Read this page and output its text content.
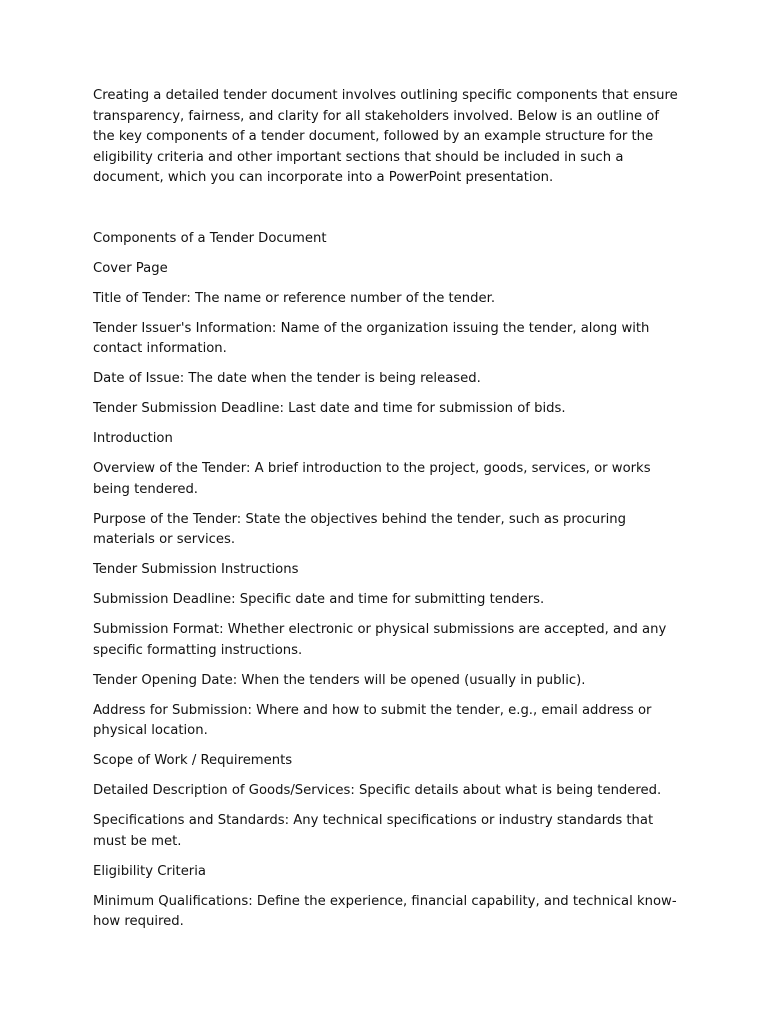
Creating a detailed tender document involves outlining specific components that ensure transparency, fairness, and clarity for all stakeholders involved. Below is an outline of the key components of a tender document, followed by an example structure for the eligibility criteria and other important sections that should be included in such a document, which you can incorporate into a PowerPoint presentation.

Components of a Tender Document

Cover Page

Title of Tender: The name or reference number of the tender.

Tender Issuer's Information: Name of the organization issuing the tender, along with contact information.

Date of Issue: The date when the tender is being released.

Tender Submission Deadline: Last date and time for submission of bids.

Introduction

Overview of the Tender: A brief introduction to the project, goods, services, or works being tendered.

Purpose of the Tender: State the objectives behind the tender, such as procuring materials or services.

Tender Submission Instructions

Submission Deadline: Specific date and time for submitting tenders.

Submission Format: Whether electronic or physical submissions are accepted, and any specific formatting instructions.

Tender Opening Date: When the tenders will be opened (usually in public).

Address for Submission: Where and how to submit the tender, e.g., email address or physical location.

Scope of Work / Requirements

Detailed Description of Goods/Services: Specific details about what is being tendered.

Specifications and Standards: Any technical specifications or industry standards that must be met.

Eligibility Criteria

Minimum Qualifications: Define the experience, financial capability, and technical know-how required.
